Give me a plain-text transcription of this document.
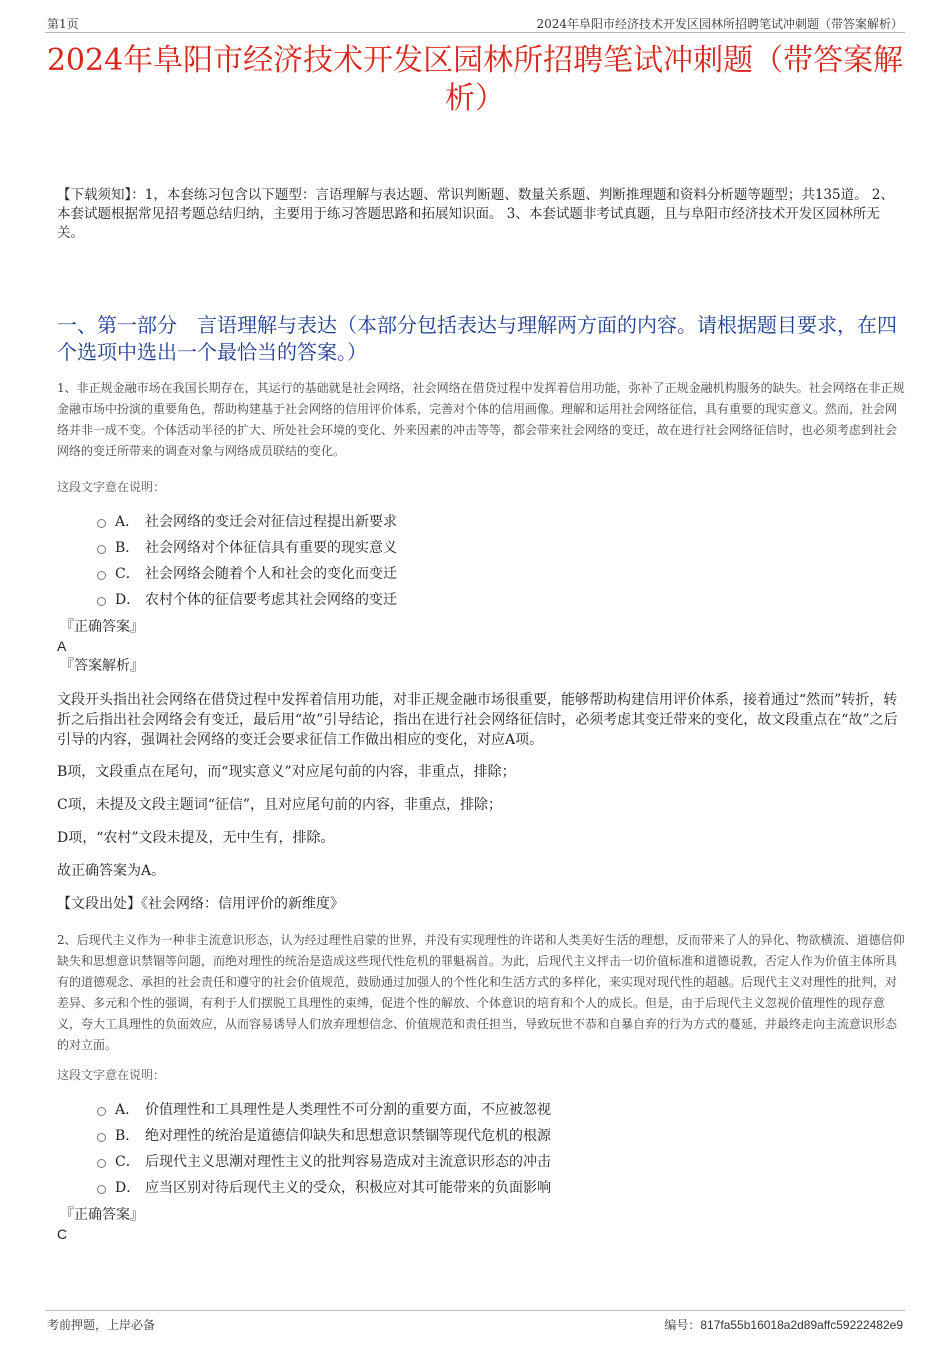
第1页	2024年阜阳市经济技术开发区园林所招聘笔试冲刺题（带答案解析）
2024年阜阳市经济技术开发区园林所招聘笔试冲刺题（带答案解析）

【下载须知】：1，本套练习包含以下题型：言语理解与表达题、常识判断题、数量关系题、判断推理题和资料分析题等题型；共135道。 2、本套试题根据常见招考题总结归纳，主要用于练习答题思路和拓展知识面。 3、本套试题非考试真题，且与阜阳市经济技术开发区园林所无关。

一、第一部分　言语理解与表达（本部分包括表达与理解两方面的内容。请根据题目要求，在四个选项中选出一个最恰当的答案。）

1、非正规金融市场在我国长期存在，其运行的基础就是社会网络，社会网络在借贷过程中发挥着信用功能，弥补了正规金融机构服务的缺失。社会网络在非正规金融市场中扮演的重要角色，帮助构建基于社会网络的信用评价体系，完善对个体的信用画像。理解和运用社会网络征信，具有重要的现实意义。然而，社会网络并非一成不变。个体活动半径的扩大、所处社会环境的变化、外来因素的冲击等等，都会带来社会网络的变迁，故在进行社会网络征信时，也必须考虑到社会网络的变迁所带来的调查对象与网络成员联结的变化。

这段文字意在说明：

A． 社会网络的变迁会对征信过程提出新要求
B． 社会网络对个体征信具有重要的现实意义
C． 社会网络会随着个人和社会的变化而变迁
D． 农村个体的征信要考虑其社会网络的变迁

『正确答案』

A

『答案解析』

文段开头指出社会网络在借贷过程中发挥着信用功能，对非正规金融市场很重要，能够帮助构建信用评价体系，接着通过“然而”转折，转折之后指出社会网络会有变迁，最后用“故”引导结论，指出在进行社会网络征信时，必须考虑其变迁带来的变化，故文段重点在“故”之后引导的内容，强调社会网络的变迁会要求征信工作做出相应的变化，对应A项。

B项，文段重点在尾句，而“现实意义”对应尾句前的内容，非重点，排除；

C项，未提及文段主题词“征信”，且对应尾句前的内容，非重点，排除；

D项，“农村”文段未提及，无中生有，排除。

故正确答案为A。

【文段出处】《社会网络：信用评价的新维度》

2、后现代主义作为一种非主流意识形态，认为经过理性启蒙的世界，并没有实现理性的许诺和人类美好生活的理想，反而带来了人的异化、物欲横流、道德信仰缺失和思想意识禁锢等问题，而绝对理性的统治是造成这些现代性危机的罪魁祸首。为此，后现代主义抨击一切价值标准和道德说教，否定人作为价值主体所具有的道德观念、承担的社会责任和遵守的社会价值规范，鼓励通过加强人的个性化和生活方式的多样化，来实现对现代性的超越。后现代主义对理性的批判，对差异、多元和个性的强调，有利于人们摆脱工具理性的束缚，促进个性的解放、个体意识的培育和个人的成长。但是，由于后现代主义忽视价值理性的现存意义，夸大工具理性的负面效应，从而容易诱导人们放弃理想信念、价值规范和责任担当，导致玩世不恭和自暴自弃的行为方式的蔓延，并最终走向主流意识形态的对立面。

这段文字意在说明：

A． 价值理性和工具理性是人类理性不可分割的重要方面，不应被忽视
B． 绝对理性的统治是道德信仰缺失和思想意识禁锢等现代危机的根源
C． 后现代主义思潮对理性主义的批判容易造成对主流意识形态的冲击
D． 应当区别对待后现代主义的受众，积极应对其可能带来的负面影响

『正确答案』

C

考前押题，上岸必备	编号：817fa55b16018a2d89affc59222482e9
